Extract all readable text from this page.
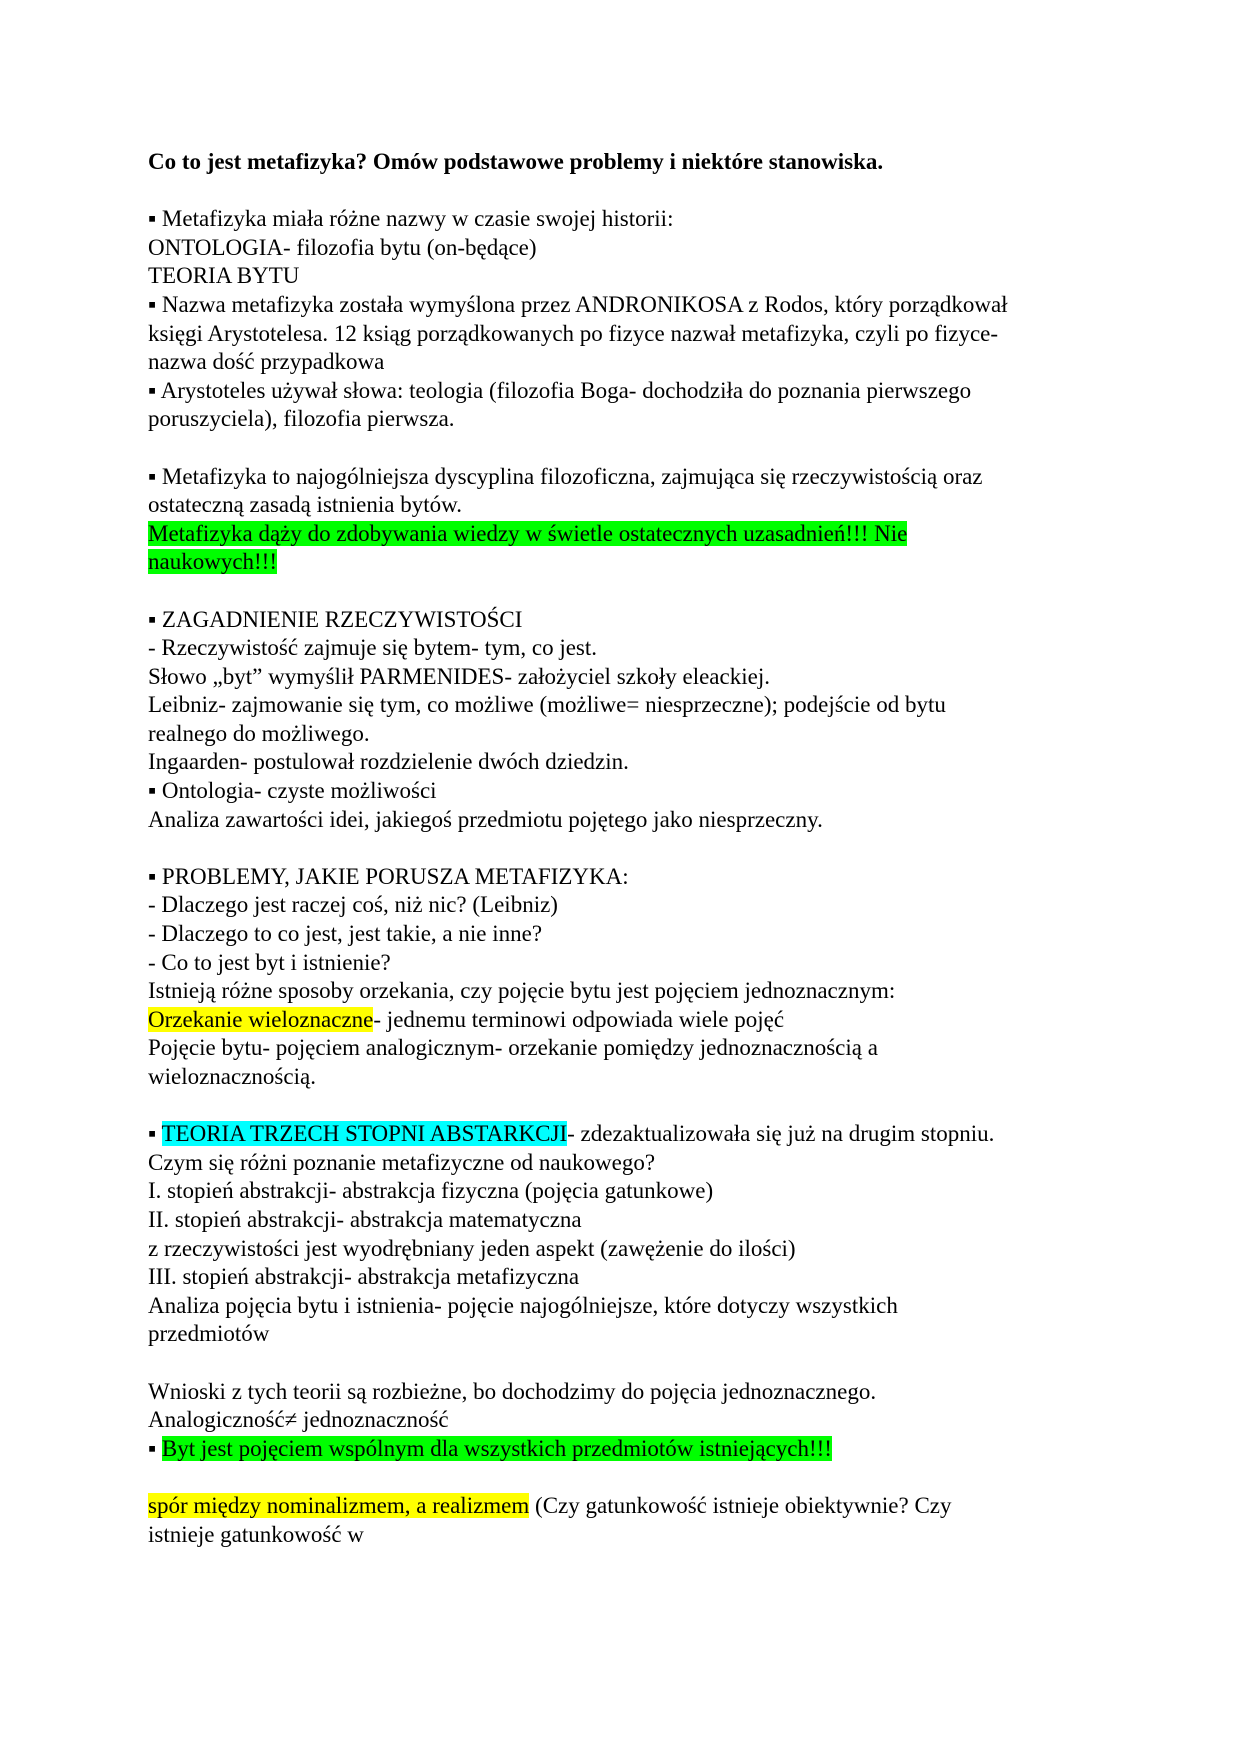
Co to jest metafizyka? Omów podstawowe problemy i niektóre stanowiska.

▪ Metafizyka miała różne nazwy w czasie swojej historii:

ONTOLOGIA- filozofia bytu (on-będące)

TEORIA BYTU

▪ Nazwa metafizyka została wymyślona przez ANDRONIKOSA z Rodos, który porządkował

księgi Arystotelesa. 12 ksiąg porządkowanych po fizyce nazwał metafizyka, czyli po fizyce-

nazwa dość przypadkowa

▪ Arystoteles używał słowa: teologia (filozofia Boga- dochodziła do poznania pierwszego

poruszyciela), filozofia pierwsza.

▪ Metafizyka to najogólniejsza dyscyplina filozoficzna, zajmująca się rzeczywistością oraz

ostateczną zasadą istnienia bytów.

Metafizyka dąży do zdobywania wiedzy w świetle ostatecznych uzasadnień!!! Nie

naukowych!!!

▪ ZAGADNIENIE RZECZYWISTOŚCI

- Rzeczywistość zajmuje się bytem- tym, co jest.

Słowo „byt” wymyślił PARMENIDES- założyciel szkoły eleackiej.

Leibniz- zajmowanie się tym, co możliwe (możliwe= niesprzeczne); podejście od bytu

realnego do możliwego.

Ingaarden- postulował rozdzielenie dwóch dziedzin.

▪ Ontologia- czyste możliwości

Analiza zawartości idei, jakiegoś przedmiotu pojętego jako niesprzeczny.

▪ PROBLEMY, JAKIE PORUSZA METAFIZYKA:

- Dlaczego jest raczej coś, niż nic? (Leibniz)

- Dlaczego to co jest, jest takie, a nie inne?

- Co to jest byt i istnienie?

Istnieją różne sposoby orzekania, czy pojęcie bytu jest pojęciem jednoznacznym:

Orzekanie wieloznaczne- jednemu terminowi odpowiada wiele pojęć

Pojęcie bytu- pojęciem analogicznym- orzekanie pomiędzy jednoznacznością a

wieloznacznością.

▪ TEORIA TRZECH STOPNI ABSTARKCJI- zdezaktualizowała się już na drugim stopniu.

Czym się różni poznanie metafizyczne od naukowego?

I. stopień abstrakcji- abstrakcja fizyczna (pojęcia gatunkowe)

II. stopień abstrakcji- abstrakcja matematyczna

z rzeczywistości jest wyodrębniany jeden aspekt (zawężenie do ilości)

III. stopień abstrakcji- abstrakcja metafizyczna

Analiza pojęcia bytu i istnienia- pojęcie najogólniejsze, które dotyczy wszystkich

przedmiotów

Wnioski z tych teorii są rozbieżne, bo dochodzimy do pojęcia jednoznacznego.

Analogiczność≠ jednoznaczność

▪ Byt jest pojęciem wspólnym dla wszystkich przedmiotów istniejących!!!

spór między nominalizmem, a realizmem (Czy gatunkowość istnieje obiektywnie? Czy

istnieje gatunkowość w
